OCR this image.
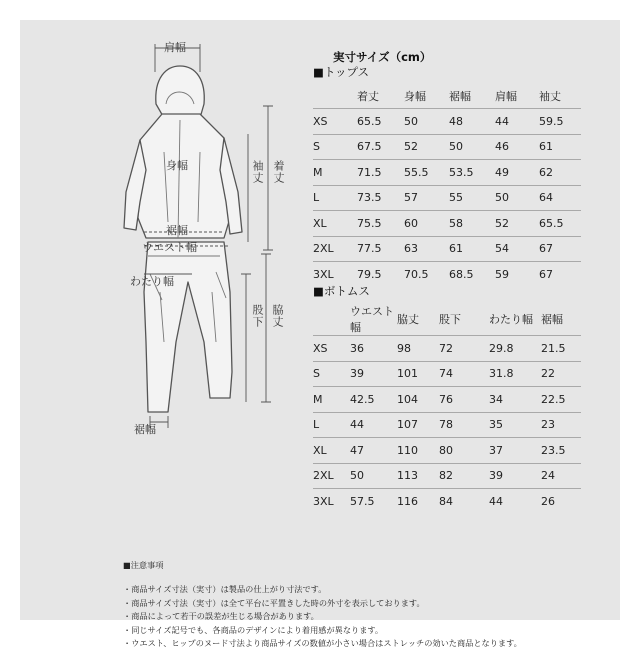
肩幅
身幅	袖丈 着丈
裾幅
ウエスト幅
わたり幅
股下 脇丈
裾幅
実寸サイズ（cm）
■トップス
	着丈	身幅	裾幅	肩幅	袖丈
XS	65.5	50	48	44	59.5
S	67.5	52	50	46	61
M	71.5	55.5	53.5	49	62
L	73.5	57	55	50	64
XL	75.5	60	58	52	65.5
2XL	77.5	63	61	54	67
3XL	79.5	70.5	68.5	59	67
■ボトムス
	ウエスト幅	脇丈	股下	わたり幅	裾幅
XS	36	98	72	29.8	21.5
S	39	101	74	31.8	22
M	42.5	104	76	34	22.5
L	44	107	78	35	23
XL	47	110	80	37	23.5
2XL	50	113	82	39	24
3XL	57.5	116	84	44	26
■注意事項
・商品サイズ寸法（実寸）は製品の仕上がり寸法です。
・商品サイズ寸法（実寸）は全て平台に平置きした時の外寸を表示しております。
・商品によって若干の誤差が生じる場合があります。
・同じサイズ記号でも、各商品のデザインにより着用感が異なります。
・ウエスト、ヒップのヌード寸法より商品サイズの数値が小さい場合はストレッチの効いた商品となります。
